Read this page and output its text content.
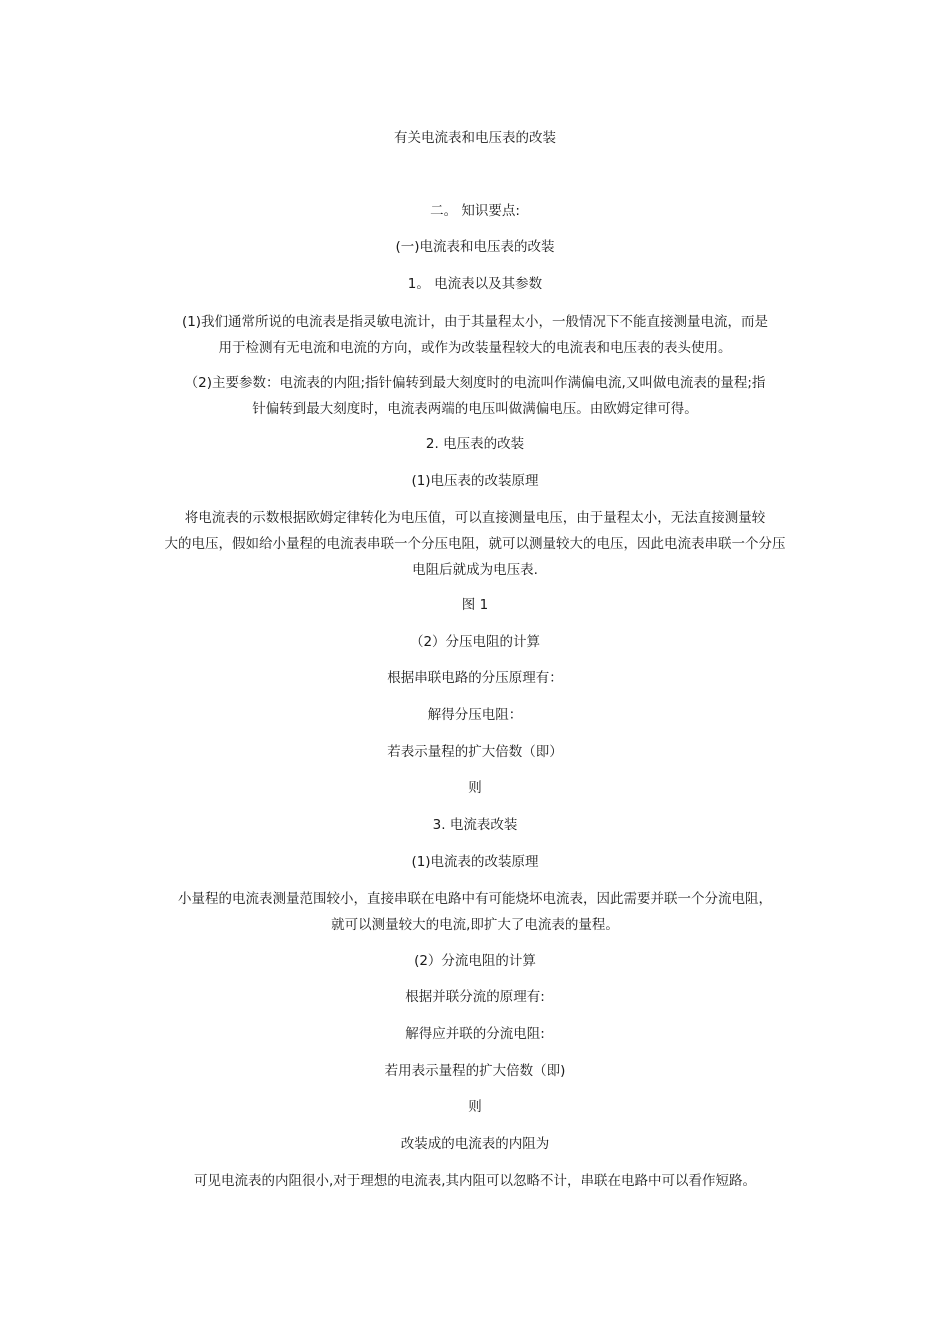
有关电流表和电压表的改装
二。 知识要点:
(一)电流表和电压表的改装
1。 电流表以及其参数
(1)我们通常所说的电流表是指灵敏电流计，由于其量程太小，一般情况下不能直接测量电流，而是
用于检测有无电流和电流的方向，或作为改装量程较大的电流表和电压表的表头使用。
（2)主要参数：电流表的内阻;指针偏转到最大刻度时的电流叫作满偏电流,又叫做电流表的量程;指
针偏转到最大刻度时，电流表两端的电压叫做满偏电压。由欧姆定律可得。
2. 电压表的改装
(1)电压表的改装原理
将电流表的示数根据欧姆定律转化为电压值，可以直接测量电压，由于量程太小，无法直接测量较
大的电压，假如给小量程的电流表串联一个分压电阻，就可以测量较大的电压，因此电流表串联一个分压
电阻后就成为电压表.
图 1
（2）分压电阻的计算
根据串联电路的分压原理有：
解得分压电阻：
若表示量程的扩大倍数（即）
则
3. 电流表改装
(1)电流表的改装原理
小量程的电流表测量范围较小，直接串联在电路中有可能烧坏电流表，因此需要并联一个分流电阻，
就可以测量较大的电流,即扩大了电流表的量程。
(2）分流电阻的计算
根据并联分流的原理有:
解得应并联的分流电阻:
若用表示量程的扩大倍数（即)
则
改装成的电流表的内阻为
可见电流表的内阻很小,对于理想的电流表,其内阻可以忽略不计，串联在电路中可以看作短路。
